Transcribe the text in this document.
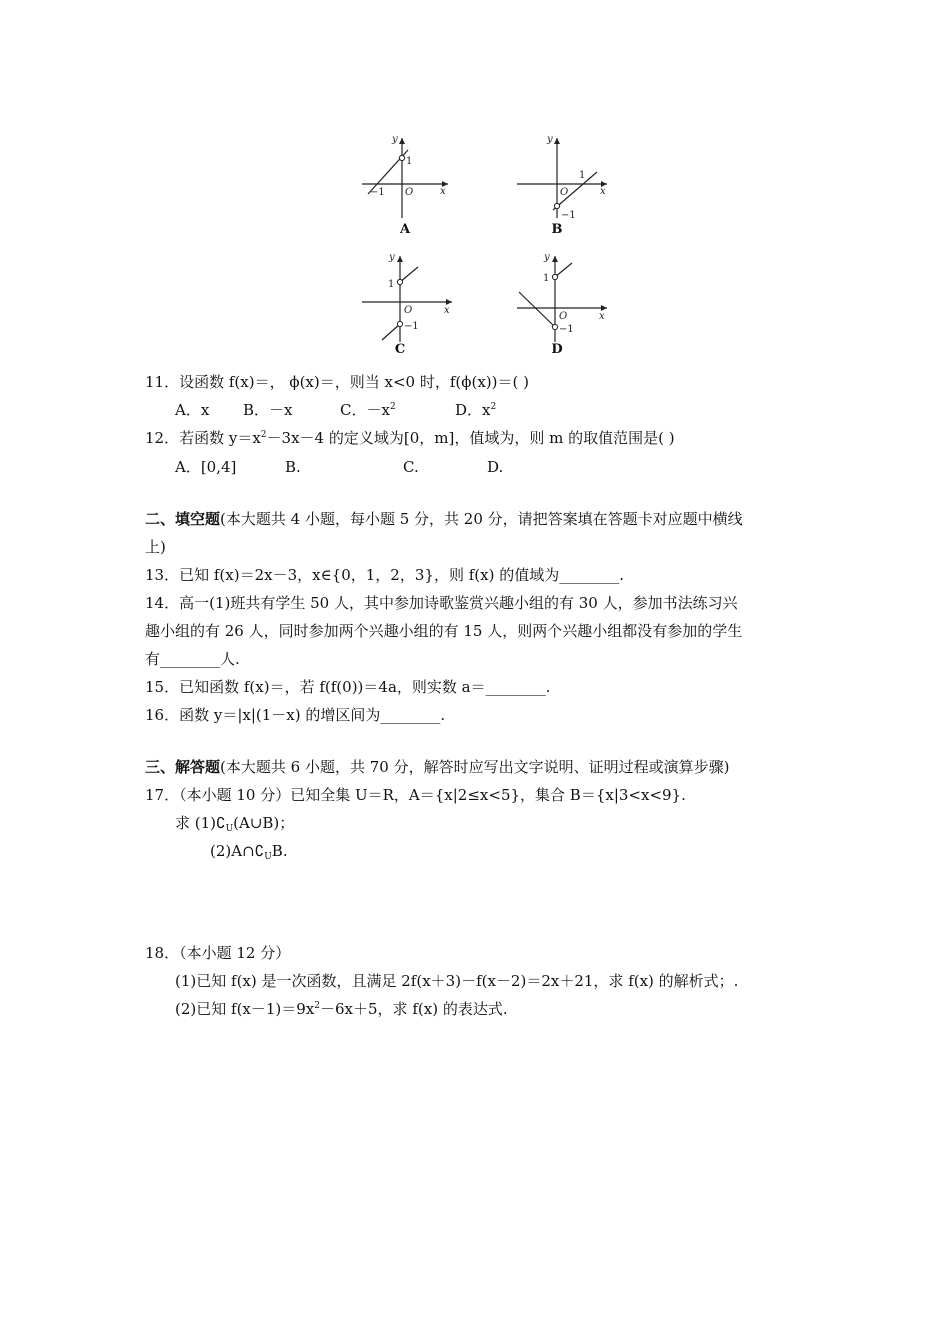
y
x
O
1
−1
A
y
x
O
1
−1
B
y
x
O
1
−1
C
y
x
O
1
−1
D
11．设函数 f(x)＝， ϕ(x)＝，则当 x<0 时，f(ϕ(x))＝( )
A．x B．－x	C．$-x^2$	D．$x^2$
12．若函数 $y=x^2-3x-4$ 的定义域为[0，m]，值域为，则 m 的取值范围是( )
A．[0,4]	B.	C.	D.
二、填空题(本大题共 4 小题，每小题 5 分，共 20 分，请把答案填在答题卡对应题中横线
上)
13．已知 f(x)＝2x－3，x∈{0，1，2，3}，则 f(x) 的值域为________.
14．高一(1)班共有学生 50 人，其中参加诗歌鉴赏兴趣小组的有 30 人，参加书法练习兴
趣小组的有 26 人，同时参加两个兴趣小组的有 15 人，则两个兴趣小组都没有参加的学生
有________人.
15．已知函数 f(x)＝，若 f(f(0))＝4a，则实数 a＝________.
16．函数 y＝|x|(1－x) 的增区间为________.
三、解答题(本大题共 6 小题，共 70 分，解答时应写出文字说明、证明过程或演算步骤)
17．（本小题 10 分）已知全集 U＝R，A＝{x|2≤x<5}，集合 B＝{x|3<x<9}.
求 $(1)∁_U(A\cup B)$；
$(2)A\cap∁_UB$.
18．（本小题 12 分）
(1)已知 f(x) 是一次函数，且满足 2f(x＋3)－f(x－2)＝2x＋21，求 f(x) 的解析式；.
(2)已知 $f(x-1)=9x^2-6x+5$，求 f(x) 的表达式.
